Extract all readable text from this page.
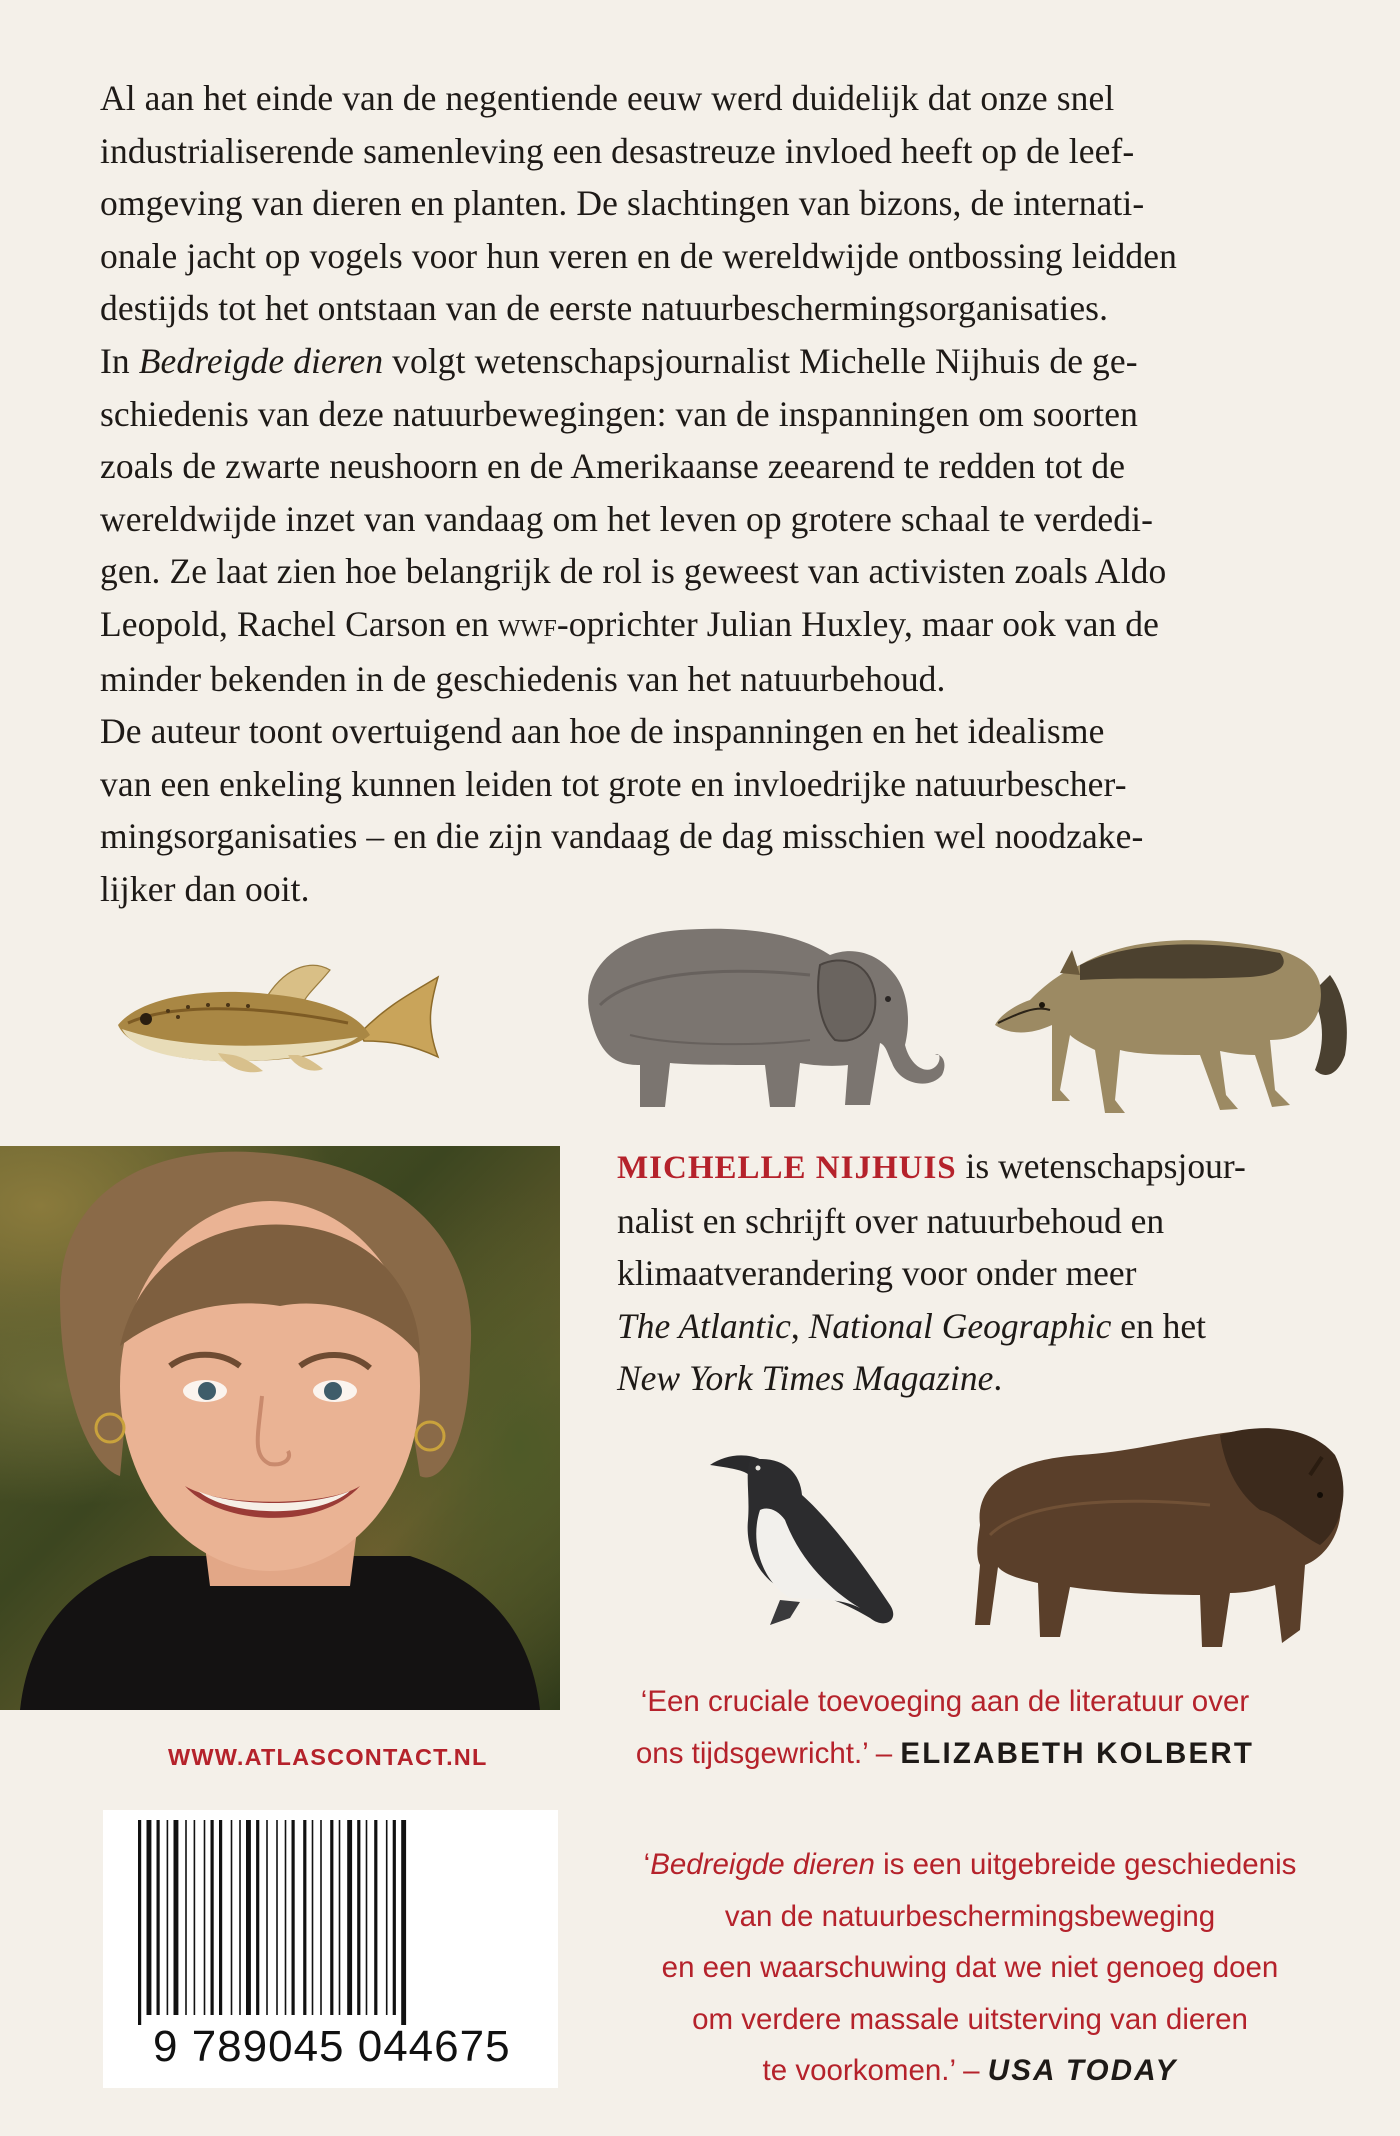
Al aan het einde van de negentiende eeuw werd duidelijk dat onze snel
industrialiserende samenleving een desastreuze invloed heeft op de leef-
omgeving van dieren en planten. De slachtingen van bizons, de internati-
onale jacht op vogels voor hun veren en de wereldwijde ontbossing leidden
destijds tot het ontstaan van de eerste natuurbeschermingsorganisaties.
In Bedreigde dieren volgt wetenschapsjournalist Michelle Nijhuis de ge-
schiedenis van deze natuurbewegingen: van de inspanningen om soorten
zoals de zwarte neushoorn en de Amerikaanse zeearend te redden tot de
wereldwijde inzet van vandaag om het leven op grotere schaal te verdedi-
gen. Ze laat zien hoe belangrijk de rol is geweest van activisten zoals Aldo
Leopold, Rachel Carson en wwf-oprichter Julian Huxley, maar ook van de
minder bekenden in de geschiedenis van het natuurbehoud.
De auteur toont overtuigend aan hoe de inspanningen en het idealisme
van een enkeling kunnen leiden tot grote en invloedrijke natuurbescher-
mingsorganisaties – en die zijn vandaag de dag misschien wel noodzake-
lijker dan ooit.
MICHELLE NIJHUIS is wetenschapsjour-
nalist en schrijft over natuurbehoud en
klimaatverandering voor onder meer
The Atlantic, National Geographic en het
New York Times Magazine.
WWW.ATLASCONTACT.NL
9 789045 044675
‘Een cruciale toevoeging aan de literatuur over
ons tijdsgewricht.’ – ELIZABETH KOLBERT
‘Bedreigde dieren is een uitgebreide geschiedenis
van de natuurbeschermingsbeweging
en een waarschuwing dat we niet genoeg doen
om verdere massale uitsterving van dieren
te voorkomen.’ – USA TODAY
